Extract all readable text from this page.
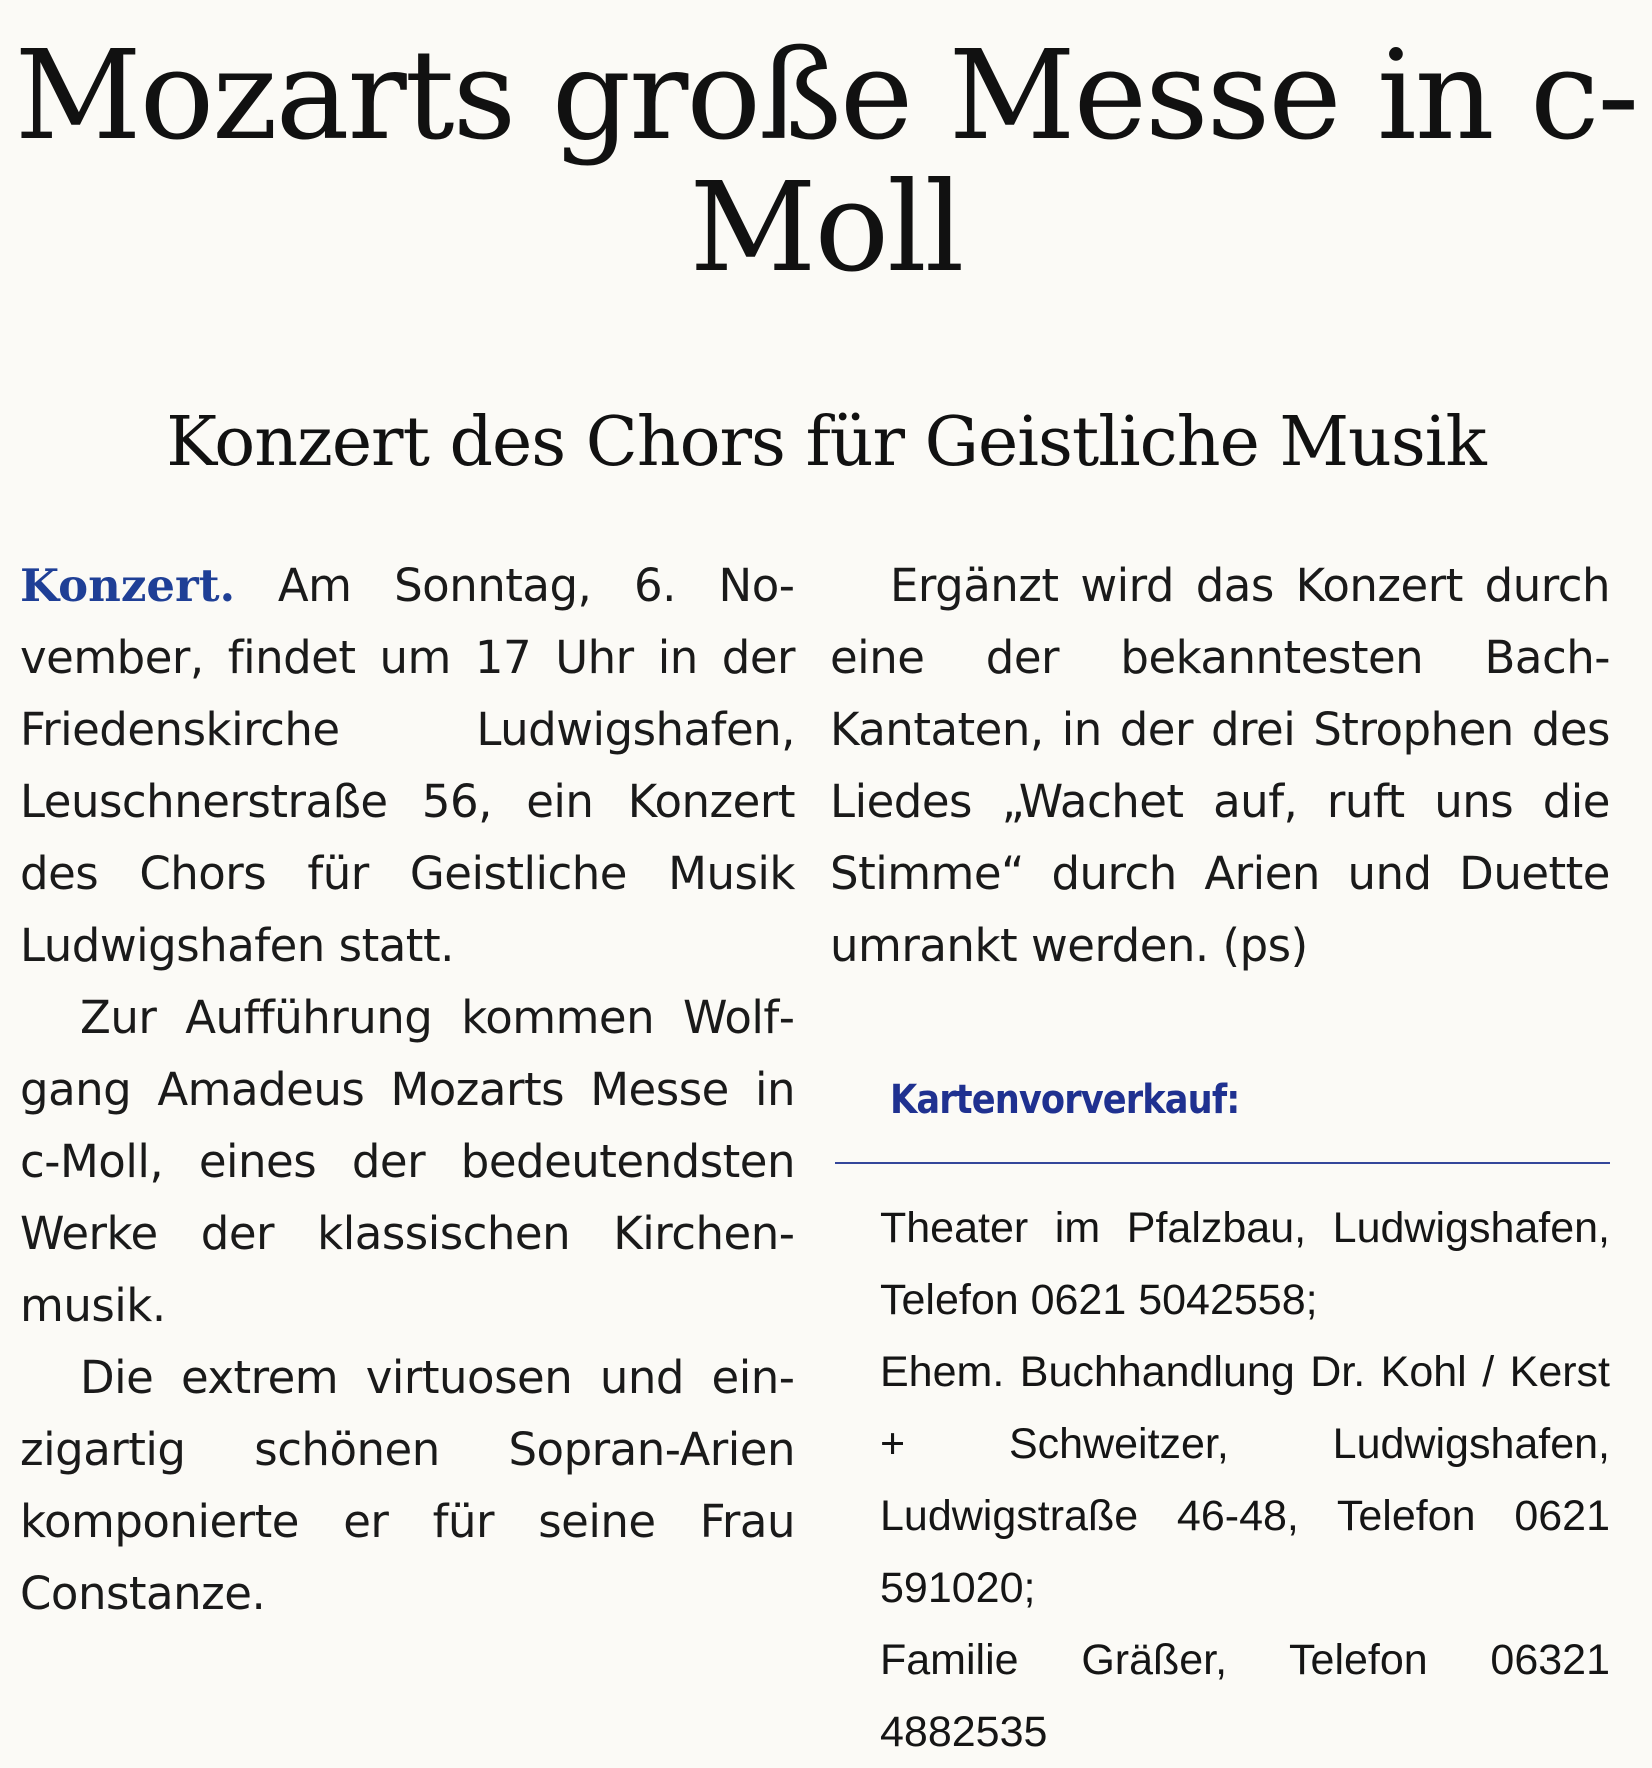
Mozarts große Messe in c-Moll
Konzert des Chors für Geistliche Musik

Konzert. Am Sonntag, 6. November, findet um 17 Uhr in der Friedenskirche Ludwigshafen, Leuschnerstraße 56, ein Konzert des Chors für Geistliche Musik Ludwigshafen statt.

Zur Aufführung kommen Wolfgang Amadeus Mozarts Messe in c-Moll, eines der bedeutendsten Werke der klassischen Kirchenmusik.

Die extrem virtuosen und einzigartig schönen Sopran-Arien komponierte er für seine Frau Constanze.

Ergänzt wird das Konzert durch eine der bekanntesten Bach-Kantaten, in der drei Strophen des Liedes „Wachet auf, ruft uns die Stimme“ durch Arien und Duette umrankt werden. (ps)

Kartenvorverkauf:
Theater im Pfalzbau, Ludwigshafen, Telefon 0621 5042558;
Ehem. Buchhandlung Dr. Kohl / Kerst + Schweitzer, Ludwigshafen, Ludwigstraße 46-48, Telefon 0621 591020;
Familie Gräßer, Telefon 06321 4882535
